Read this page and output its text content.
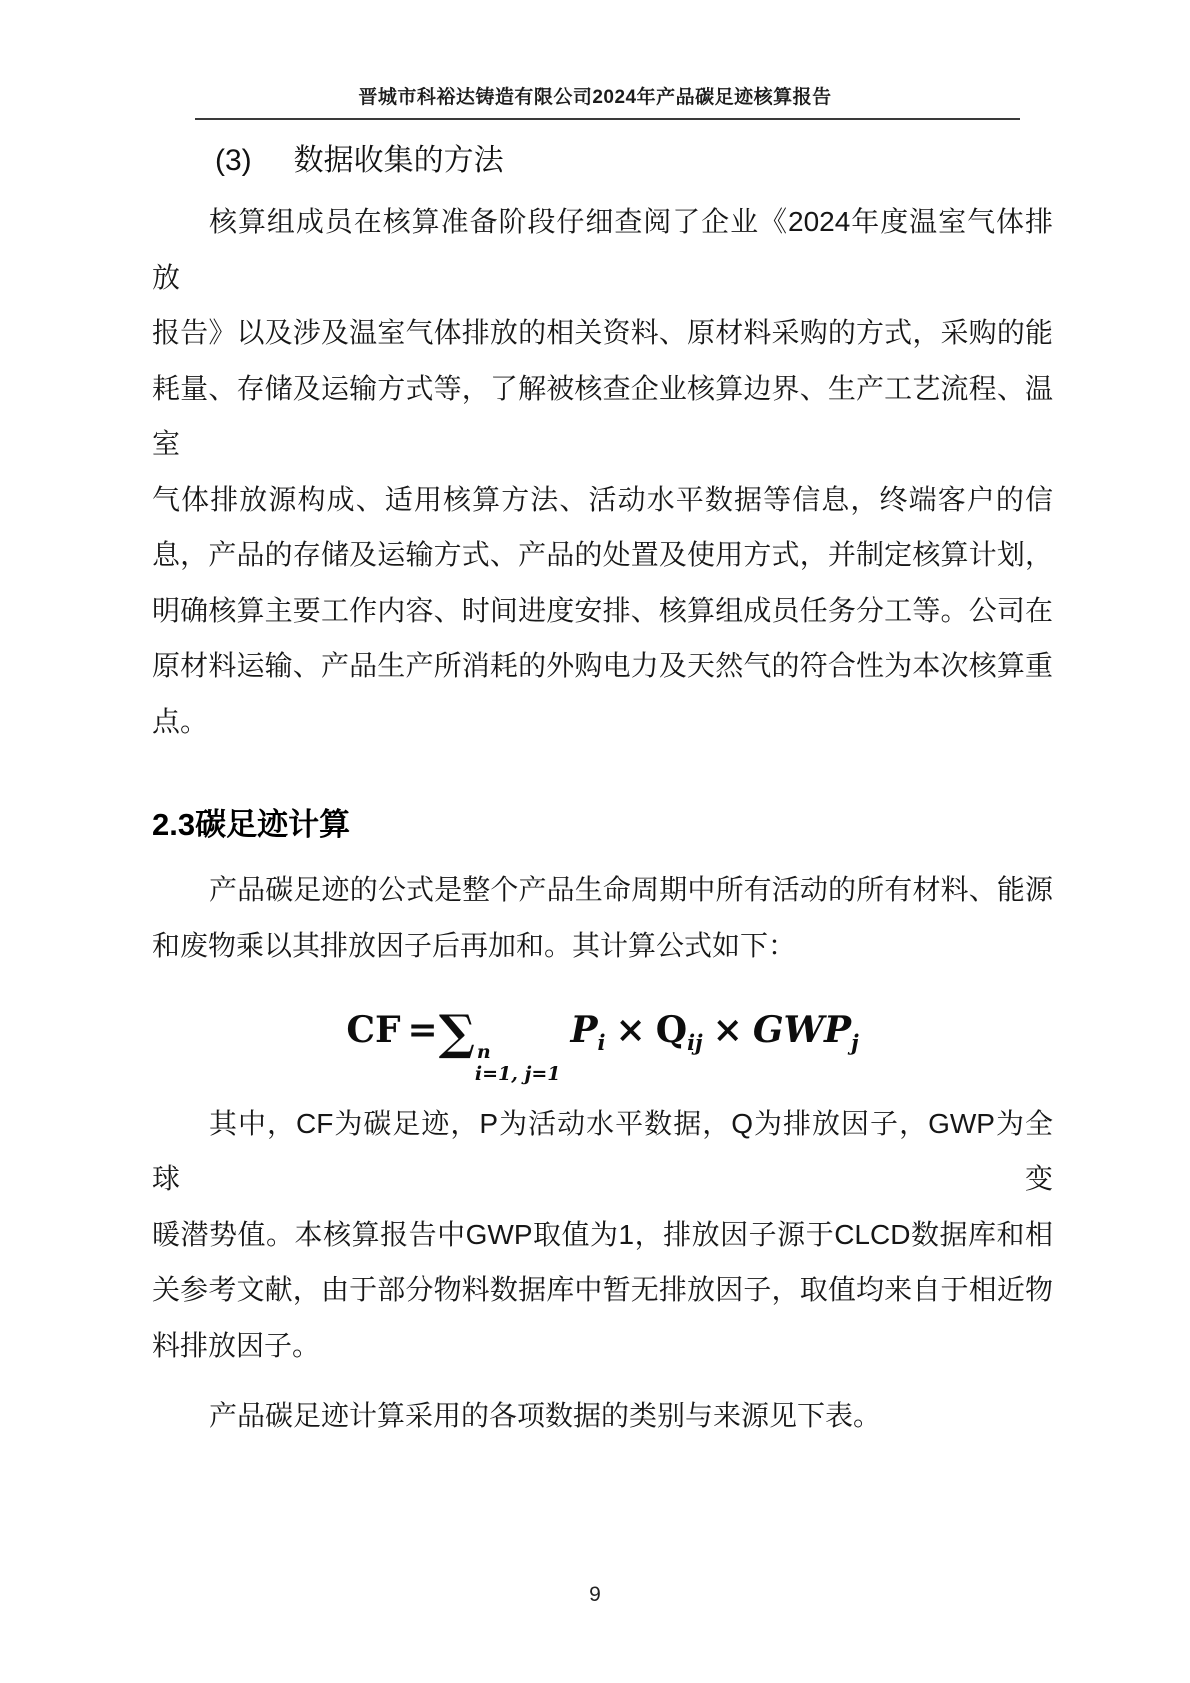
晋城市科裕达铸造有限公司2024年产品碳足迹核算报告
(3) 数据收集的方法
核算组成员在核算准备阶段仔细查阅了企业《2024年度温室气体排放
报告》以及涉及温室气体排放的相关资料、原材料采购的方式，采购的能
耗量、存储及运输方式等，了解被核查企业核算边界、生产工艺流程、温室
气体排放源构成、适用核算方法、活动水平数据等信息，终端客户的信
息，产品的存储及运输方式、产品的处置及使用方式，并制定核算计划，
明确核算主要工作内容、时间进度安排、核算组成员任务分工等。公司在
原材料运输、产品生产所消耗的外购电力及天然气的符合性为本次核算重
点。
2.3碳足迹计算
产品碳足迹的公式是整个产品生命周期中所有活动的所有材料、能源
和废物乘以其排放因子后再加和。其计算公式如下：
CF =∑ n
i=1, j=1
$P_i \times Q_{ij} \times GWP_j$
其中，CF为碳足迹，P为活动水平数据，Q为排放因子，GWP为全球变
暖潜势值。本核算报告中GWP取值为1，排放因子源于CLCD数据库和相
关参考文献，由于部分物料数据库中暂无排放因子，取值均来自于相近物
料排放因子。
产品碳足迹计算采用的各项数据的类别与来源见下表。
9
